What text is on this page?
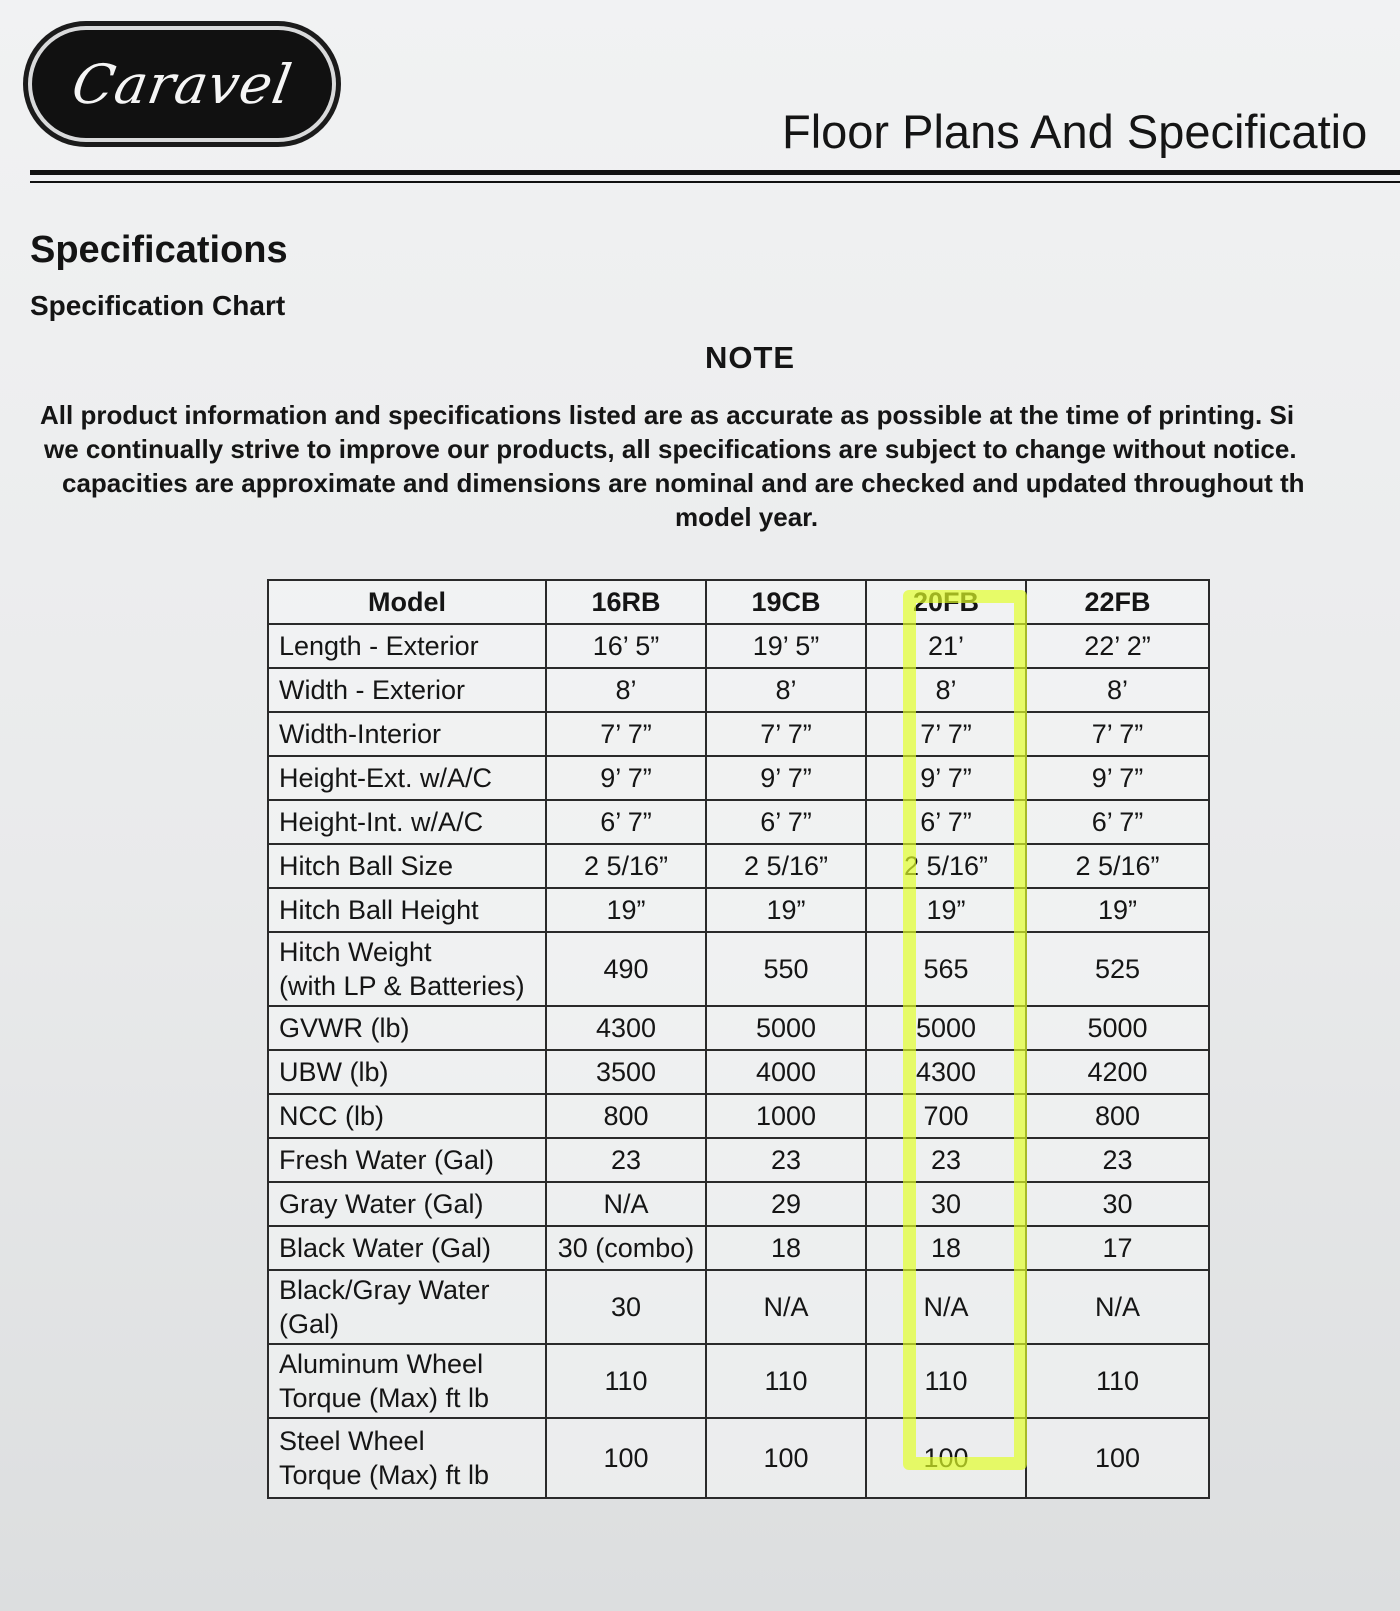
Caravel
Floor Plans And Specificatio
Specifications
Specification Chart
NOTE
All product information and specifications listed are as accurate as possible at the time of printing. Si
we continually strive to improve our products, all specifications are subject to change without notice.
capacities are approximate and dimensions are nominal and are checked and updated throughout th
model year.
Model	16RB	19CB	20FB	22FB
Length - Exterior	16’ 5”	19’ 5”	21’	22’ 2”
Width - Exterior	8’	8’	8’	8’
Width-Interior	7’ 7”	7’ 7”	7’ 7”	7’ 7”
Height-Ext. w/A/C	9’ 7”	9’ 7”	9’ 7”	9’ 7”
Height-Int. w/A/C	6’ 7”	6’ 7”	6’ 7”	6’ 7”
Hitch Ball Size	2 5/16”	2 5/16”	2 5/16”	2 5/16”
Hitch Ball Height	19”	19”	19”	19”

Hitch Weight
(with LP & Batteries)	490	550	565	525
GVWR (lb)	4300	5000	5000	5000
UBW (lb)	3500	4000	4300	4200
NCC (lb)	800	1000	700	800
Fresh Water (Gal)	23	23	23	23
Gray Water (Gal)	N/A	29	30	30
Black Water (Gal)	30 (combo)	18	18	17

Black/Gray Water
(Gal)	30	N/A	N/A	N/A

Aluminum Wheel
Torque (Max) ft lb	110	110	110	110

Steel Wheel
Torque (Max) ft lb	100	100	100	100
